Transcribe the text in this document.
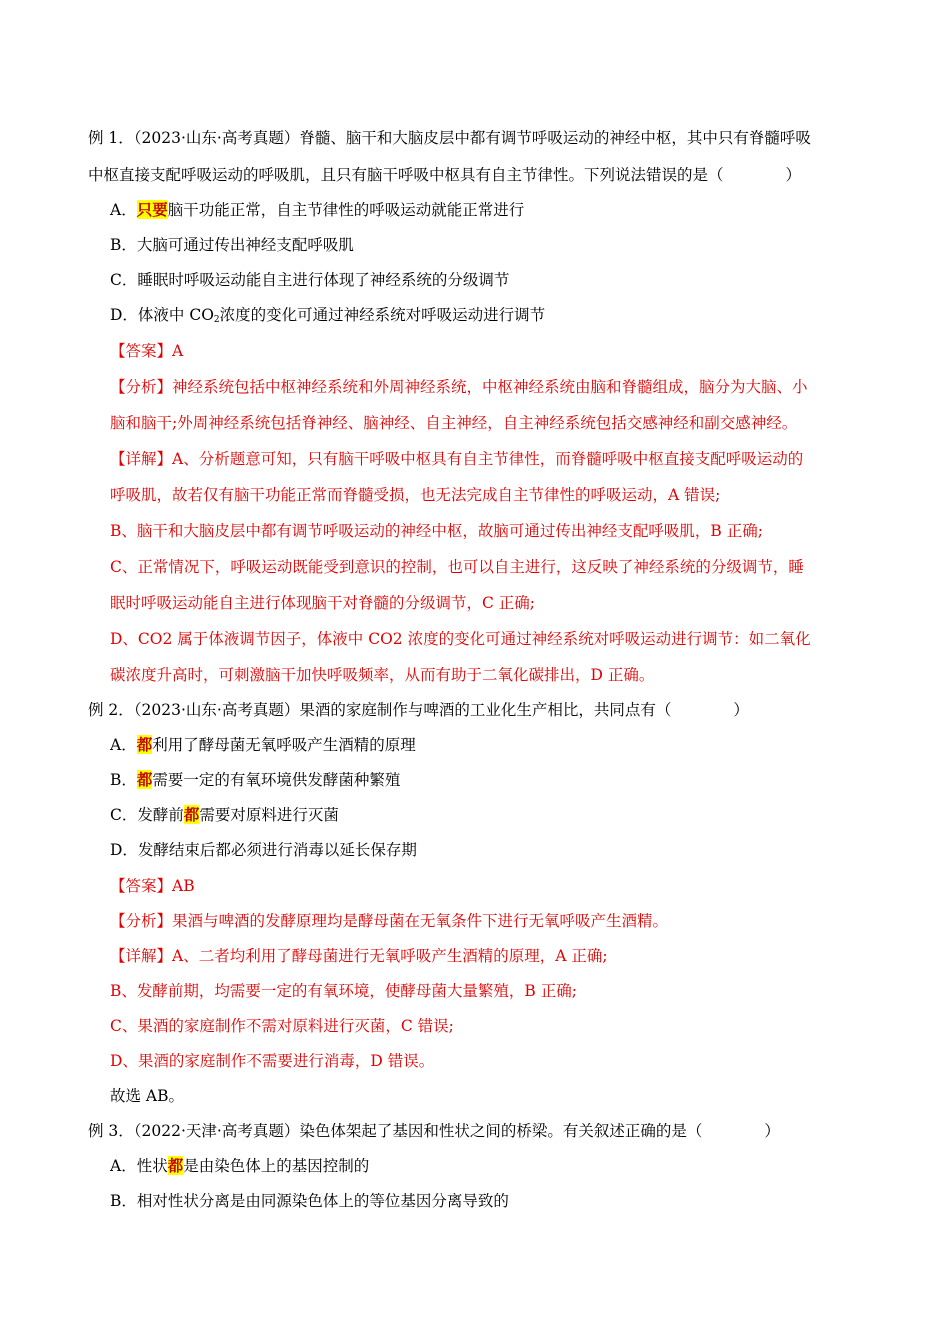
例 1．（2023·山东·高考真题）脊髓、脑干和大脑皮层中都有调节呼吸运动的神经中枢，其中只有脊髓呼吸
中枢直接支配呼吸运动的呼吸肌，且只有脑干呼吸中枢具有自主节律性。下列说法错误的是（　　　　）
A．只要脑干功能正常，自主节律性的呼吸运动就能正常进行
B．大脑可通过传出神经支配呼吸肌
C．睡眠时呼吸运动能自主进行体现了神经系统的分级调节
D．体液中 $CO_2$浓度的变化可通过神经系统对呼吸运动进行调节
【答案】A
【分析】神经系统包括中枢神经系统和外周神经系统，中枢神经系统由脑和脊髓组成，脑分为大脑、小
脑和脑干;外周神经系统包括脊神经、脑神经、自主神经，自主神经系统包括交感神经和副交感神经。
【详解】A、分析题意可知，只有脑干呼吸中枢具有自主节律性，而脊髓呼吸中枢直接支配呼吸运动的
呼吸肌，故若仅有脑干功能正常而脊髓受损，也无法完成自主节律性的呼吸运动，A 错误;
B、脑干和大脑皮层中都有调节呼吸运动的神经中枢，故脑可通过传出神经支配呼吸肌，B 正确;
C、正常情况下，呼吸运动既能受到意识的控制，也可以自主进行，这反映了神经系统的分级调节，睡
眠时呼吸运动能自主进行体现脑干对脊髓的分级调节，C 正确;
D、CO2 属于体液调节因子，体液中 CO2 浓度的变化可通过神经系统对呼吸运动进行调节：如二氧化
碳浓度升高时，可刺激脑干加快呼吸频率，从而有助于二氧化碳排出，D 正确。
例 2．（2023·山东·高考真题）果酒的家庭制作与啤酒的工业化生产相比，共同点有（　　　　）
A．都利用了酵母菌无氧呼吸产生酒精的原理
B．都需要一定的有氧环境供发酵菌种繁殖
C．发酵前都需要对原料进行灭菌
D．发酵结束后都必须进行消毒以延长保存期
【答案】AB
【分析】果酒与啤酒的发酵原理均是酵母菌在无氧条件下进行无氧呼吸产生酒精。
【详解】A、二者均利用了酵母菌进行无氧呼吸产生酒精的原理，A 正确;
B、发酵前期，均需要一定的有氧环境，使酵母菌大量繁殖，B 正确;
C、果酒的家庭制作不需对原料进行灭菌，C 错误;
D、果酒的家庭制作不需要进行消毒，D 错误。
故选 AB。
例 3．（2022·天津·高考真题）染色体架起了基因和性状之间的桥梁。有关叙述正确的是（　　　　）
A．性状都是由染色体上的基因控制的
B．相对性状分离是由同源染色体上的等位基因分离导致的
